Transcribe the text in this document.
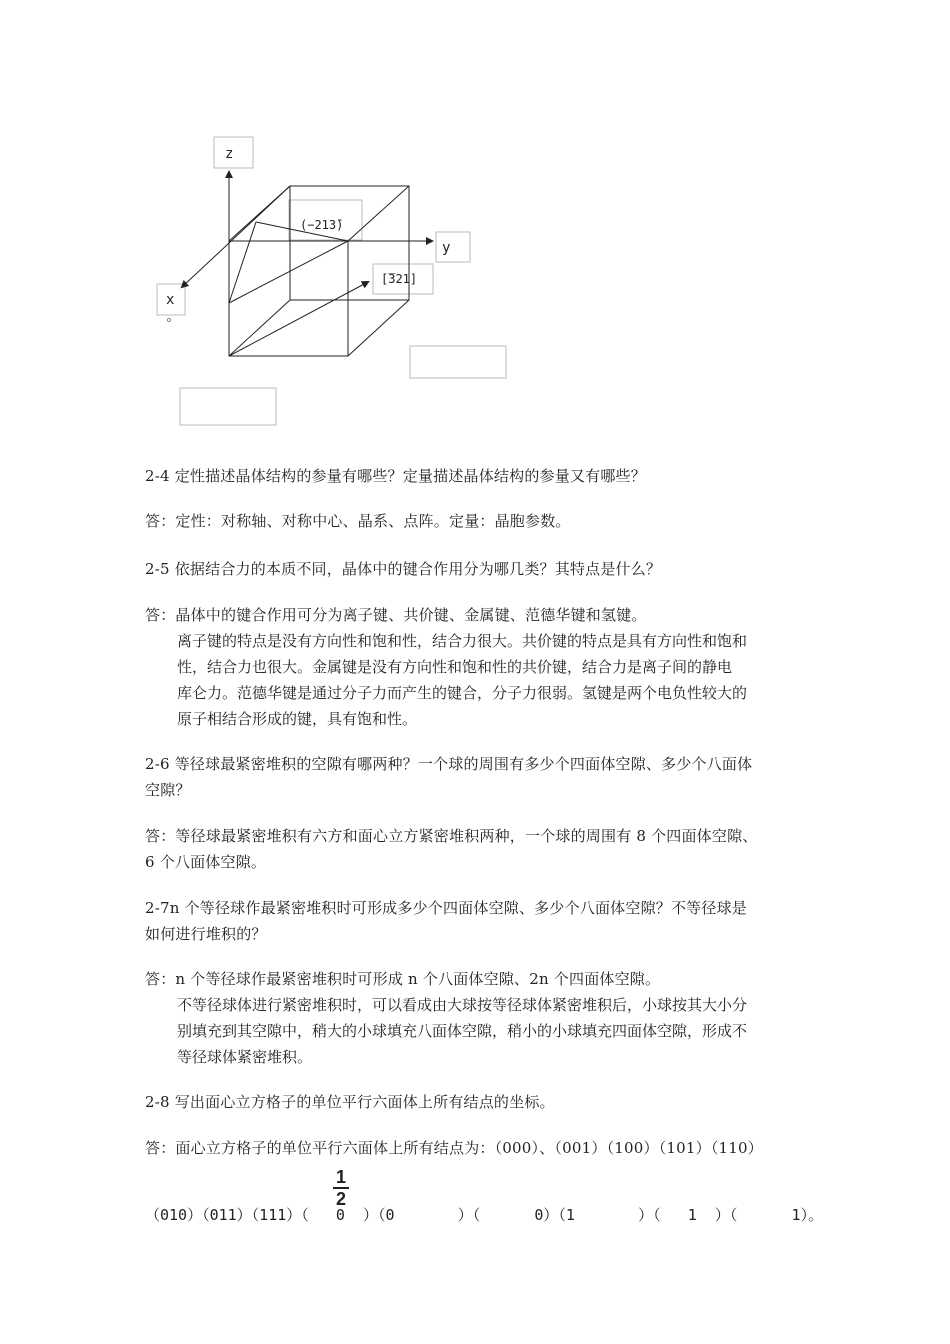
z
y
x
(−213̄)
[̅321]
2-4 定性描述晶体结构的参量有哪些？定量描述晶体结构的参量又有哪些？
答：定性：对称轴、对称中心、晶系、点阵。定量：晶胞参数。
2-5 依据结合力的本质不同，晶体中的键合作用分为哪几类？其特点是什么？
答：晶体中的键合作用可分为离子键、共价键、金属键、范德华键和氢键。
离子键的特点是没有方向性和饱和性，结合力很大。共价键的特点是具有方向性和饱和
性，结合力也很大。金属键是没有方向性和饱和性的共价键，结合力是离子间的静电
库仑力。范德华键是通过分子力而产生的键合，分子力很弱。氢键是两个电负性较大的
原子相结合形成的键，具有饱和性。
2-6 等径球最紧密堆积的空隙有哪两种？一个球的周围有多少个四面体空隙、多少个八面体
空隙？
答：等径球最紧密堆积有六方和面心立方紧密堆积两种，一个球的周围有 8 个四面体空隙、
6 个八面体空隙。
2-7n 个等径球作最紧密堆积时可形成多少个四面体空隙、多少个八面体空隙？不等径球是
如何进行堆积的？
答：n 个等径球作最紧密堆积时可形成 n 个八面体空隙、2n 个四面体空隙。
不等径球体进行紧密堆积时，可以看成由大球按等径球体紧密堆积后，小球按其大小分
别填充到其空隙中，稍大的小球填充八面体空隙，稍小的小球填充四面体空隙，形成不
等径球体紧密堆积。
2-8 写出面心立方格子的单位平行六面体上所有结点的坐标。
答：面心立方格子的单位平行六面体上所有结点为：（000）、（001）（100）（101）（110）
1
2
（010）（011）（111）（   0  ）（0       ）（      0）（1       ）（   1  ）（      1）。
